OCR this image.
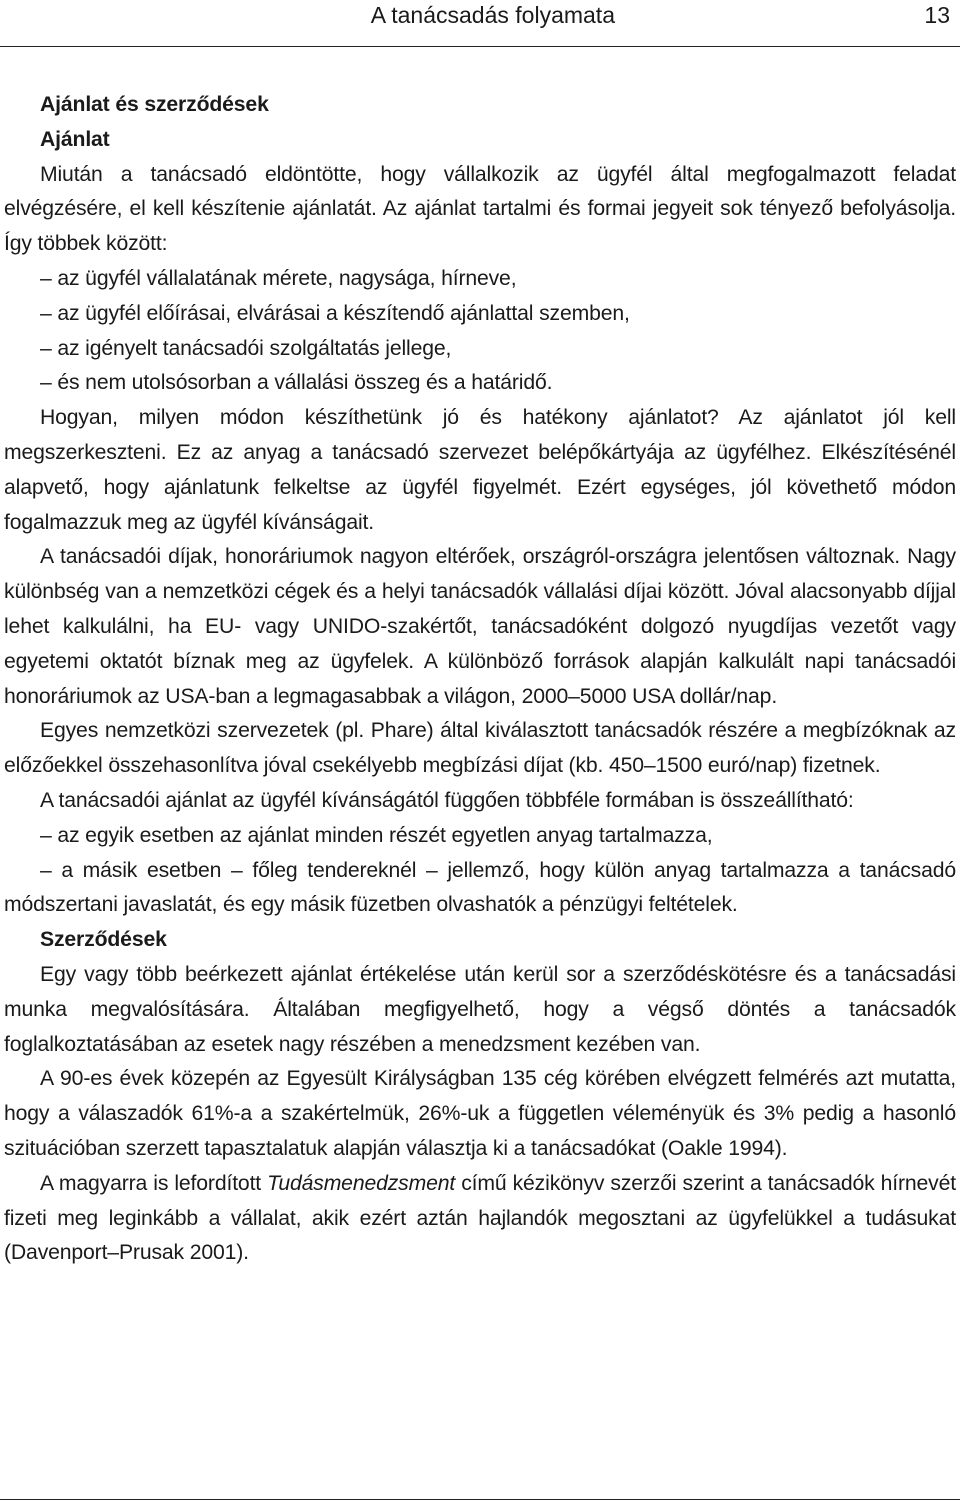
A tanácsadás folyamata	13

Ajánlat és szerződések

Ajánlat

Miután a tanácsadó eldöntötte, hogy vállalkozik az ügyfél által megfogalmazott feladat elvégzésére, el kell készítenie ajánlatát. Az ajánlat tartalmi és formai jegyeit sok tényező befolyásolja. Így többek között:

– az ügyfél vállalatának mérete, nagysága, hírneve,

– az ügyfél előírásai, elvárásai a készítendő ajánlattal szemben,

– az igényelt tanácsadói szolgáltatás jellege,

– és nem utolsósorban a vállalási összeg és a határidő.

Hogyan, milyen módon készíthetünk jó és hatékony ajánlatot? Az ajánlatot jól kell megszerkeszteni. Ez az anyag a tanácsadó szervezet belépőkártyája az ügyfélhez. Elkészítésénél alapvető, hogy ajánlatunk felkeltse az ügyfél figyelmét. Ezért egységes, jól követhető módon fogalmazzuk meg az ügyfél kívánságait.

A tanácsadói díjak, honoráriumok nagyon eltérőek, országról-országra jelentősen változnak. Nagy különbség van a nemzetközi cégek és a helyi tanácsadók vállalási díjai között. Jóval alacsonyabb díjjal lehet kalkulálni, ha EU- vagy UNIDO-szakértőt, tanácsadóként dolgozó nyugdíjas vezetőt vagy egyetemi oktatót bíznak meg az ügyfelek. A különböző források alapján kalkulált napi tanácsadói honoráriumok az USA-ban a legmagasabbak a világon, 2000–5000 USA dollár/nap.

Egyes nemzetközi szervezetek (pl. Phare) által kiválasztott tanácsadók részére a megbízóknak az előzőekkel összehasonlítva jóval csekélyebb megbízási díjat (kb. 450–1500 euró/nap) fizetnek.

A tanácsadói ajánlat az ügyfél kívánságától függően többféle formában is összeállítható:

– az egyik esetben az ajánlat minden részét egyetlen anyag tartalmazza,

– a másik esetben – főleg tendereknél – jellemző, hogy külön anyag tartalmazza a tanácsadó módszertani javaslatát, és egy másik füzetben olvashatók a pénzügyi feltételek.

Szerződések

Egy vagy több beérkezett ajánlat értékelése után kerül sor a szerződéskötésre és a tanácsadási munka megvalósítására. Általában megfigyelhető, hogy a végső döntés a tanácsadók foglalkoztatásában az esetek nagy részében a menedzsment kezében van.

A 90-es évek közepén az Egyesült Királyságban 135 cég körében elvégzett felmérés azt mutatta, hogy a válaszadók 61%-a a szakértelmük, 26%-uk a független véleményük és 3% pedig a hasonló szituációban szerzett tapasztalatuk alapján választja ki a tanácsadókat (Oakle 1994).

A magyarra is lefordított Tudásmenedzsment című kézikönyv szerzői szerint a tanácsadók hírnevét fizeti meg leginkább a vállalat, akik ezért aztán hajlandók megosztani az ügyfelükkel a tudásukat (Davenport–Prusak 2001).
